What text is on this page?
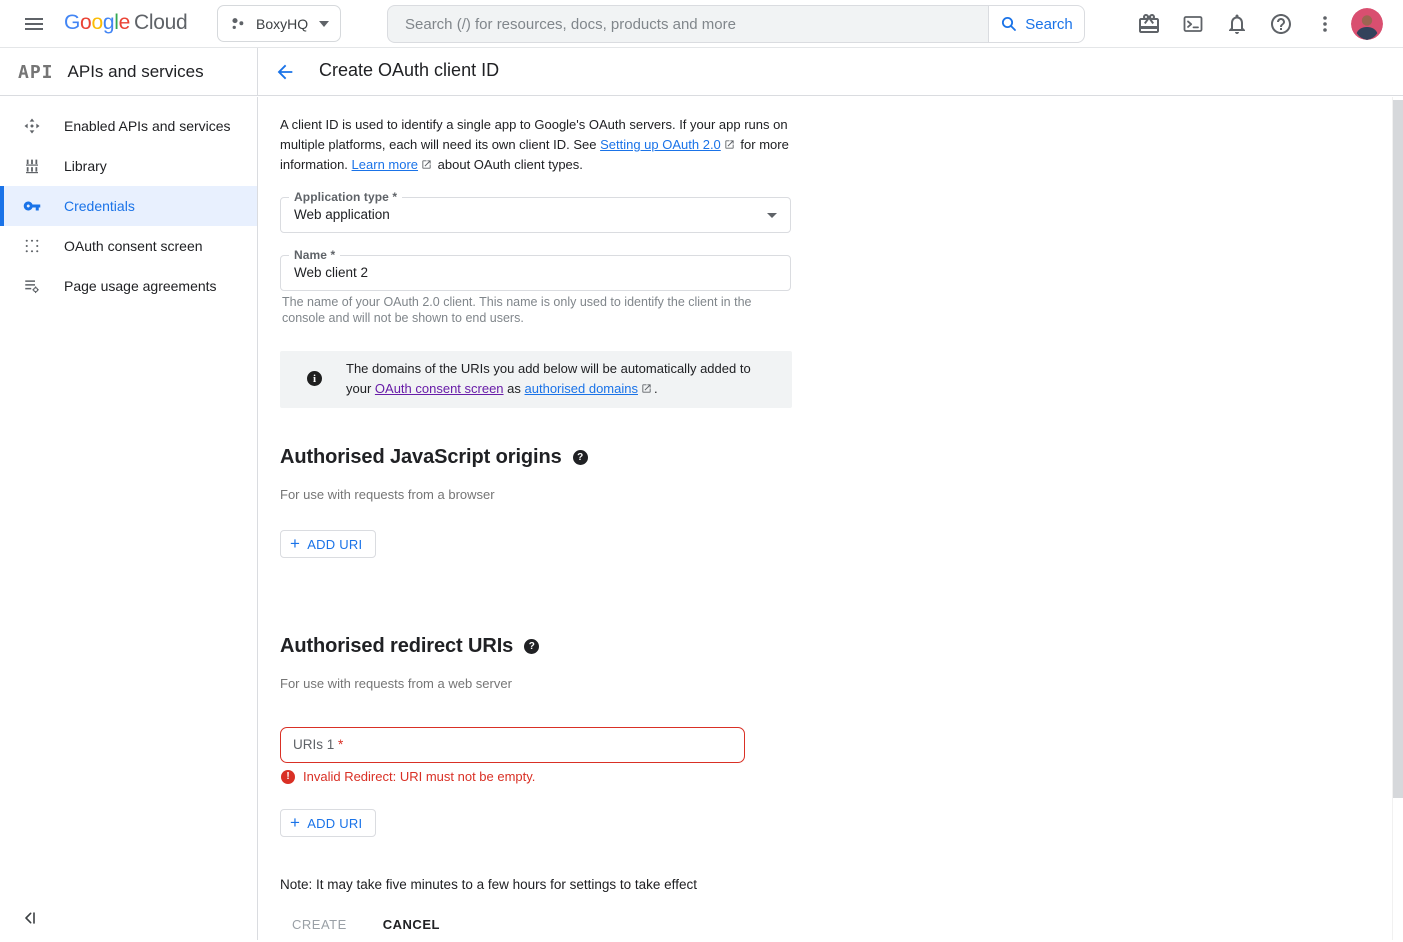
Google Cloud	BoxyHQ
Search (/) for resources, docs, products and more	Search
API APIs and services	Create OAuth client ID
Enabled APIs and services
Library
Credentials
OAuth consent screen
Page usage agreements

A client ID is used to identify a single app to Google's OAuth servers. If your app runs on multiple platforms, each will need its own client ID. See Setting up OAuth 2.0 for more information. Learn more about OAuth client types.

Application type *
Web application
Name *
Web client 2
The name of your OAuth 2.0 client. This name is only used to identify the client in the console and will not be shown to end users.
i

The domains of the URIs you add below will be automatically added to your OAuth consent screen as authorised domains .

Authorised JavaScript origins	?
For use with requests from a browser
+ ADD URI
Authorised redirect URIs	?
For use with requests from a web server
URIs 1 *
!	Invalid Redirect: URI must not be empty.
+ ADD URI
Note: It may take five minutes to a few hours for settings to take effect
CREATE	CANCEL
